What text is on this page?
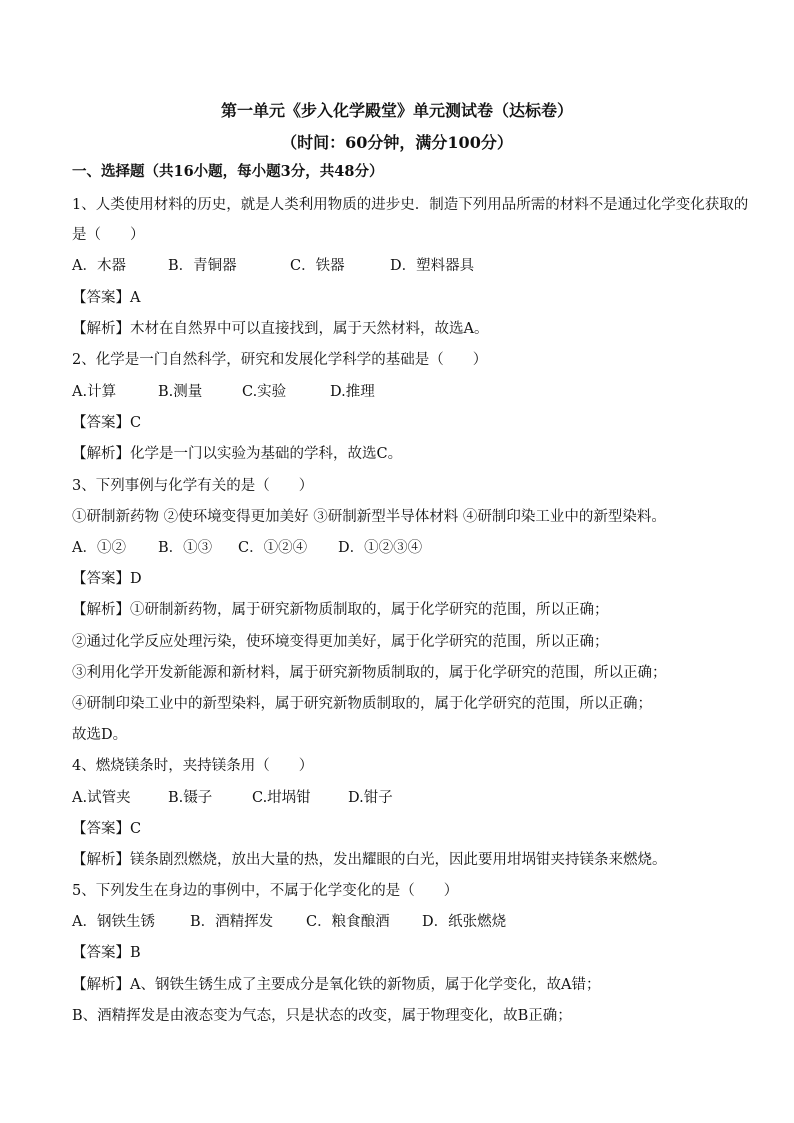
第一单元《步入化学殿堂》单元测试卷（达标卷）
（时间：60分钟，满分100分）
一、选择题（共16小题，每小题3分，共48分）
1、人类使用材料的历史，就是人类利用物质的进步史．制造下列用品所需的材料不是通过化学变化获取的
是（　　）
A．木器	B．青铜器	C．铁器	D．塑料器具
【答案】A
【解析】木材在自然界中可以直接找到，属于天然材料，故选A。
2、化学是一门自然科学，研究和发展化学科学的基础是（　　）
A.计算	B.测量	C.实验	D.推理
【答案】C
【解析】化学是一门以实验为基础的学科，故选C。
3、下列事例与化学有关的是（　　）
①研制新药物 ②使环境变得更加美好 ③研制新型半导体材料 ④研制印染工业中的新型染料。
A．①②	B．①③	C．①②④	D．①②③④
【答案】D
【解析】①研制新药物，属于研究新物质制取的，属于化学研究的范围，所以正确；
②通过化学反应处理污染，使环境变得更加美好，属于化学研究的范围，所以正确；
③利用化学开发新能源和新材料，属于研究新物质制取的，属于化学研究的范围，所以正确；
④研制印染工业中的新型染料，属于研究新物质制取的，属于化学研究的范围，所以正确；
故选D。
4、燃烧镁条时，夹持镁条用（　　）
A.试管夹	B.镊子	C.坩埚钳	D.钳子
【答案】C
【解析】镁条剧烈燃烧，放出大量的热，发出耀眼的白光，因此要用坩埚钳夹持镁条来燃烧。
5、下列发生在身边的事例中，不属于化学变化的是（　　）
A．钢铁生锈	B．酒精挥发	C．粮食酿酒	D．纸张燃烧
【答案】B
【解析】A、钢铁生锈生成了主要成分是氧化铁的新物质，属于化学变化，故A错；
B、酒精挥发是由液态变为气态，只是状态的改变，属于物理变化，故B正确；
